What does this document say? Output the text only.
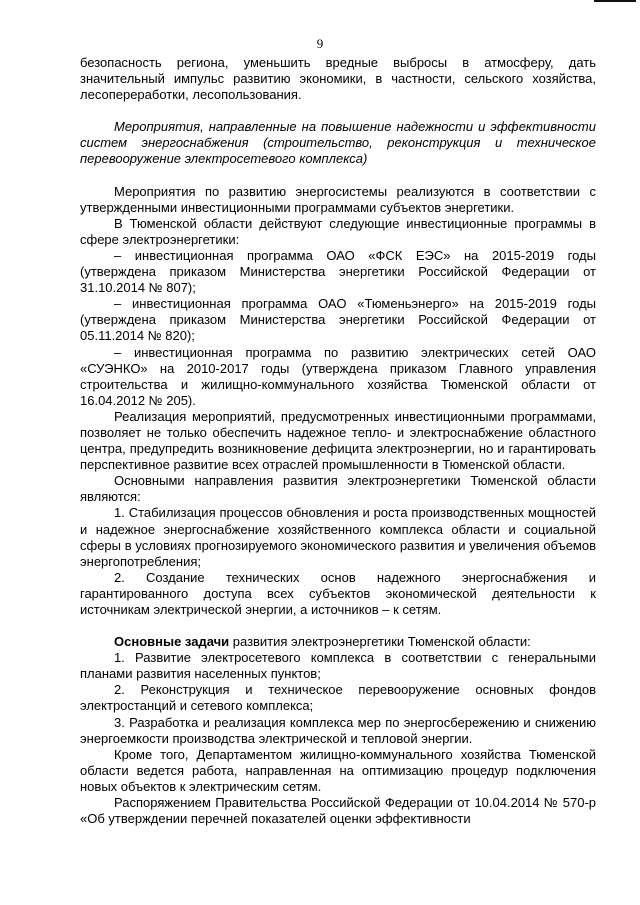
9

безопасность региона, уменьшить вредные выбросы в атмосферу, дать значительный импульс развитию экономики, в частности, сельского хозяйства, лесопереработки, лесопользования.

Мероприятия, направленные на повышение надежности и эффективности систем энергоснабжения (строительство, реконструкция и техническое перевооружение электросетевого комплекса)

Мероприятия по развитию энергосистемы реализуются в соответствии с утвержденными инвестиционными программами субъектов энергетики.

В Тюменской области действуют следующие инвестиционные программы в сфере электроэнергетики:

– инвестиционная программа ОАО «ФСК ЕЭС» на 2015-2019 годы (утверждена приказом Министерства энергетики Российской Федерации от 31.10.2014 № 807);

– инвестиционная программа ОАО «Тюменьэнерго» на 2015-2019 годы (утверждена приказом Министерства энергетики Российской Федерации от 05.11.2014 № 820);

– инвестиционная программа по развитию электрических сетей ОАО «СУЭНКО» на 2010-2017 годы (утверждена приказом Главного управления строительства и жилищно-коммунального хозяйства Тюменской области от 16.04.2012 № 205).

Реализация мероприятий, предусмотренных инвестиционными программами, позволяет не только обеспечить надежное тепло- и электроснабжение областного центра, предупредить возникновение дефицита электроэнергии, но и гарантировать перспективное развитие всех отраслей промышленности в Тюменской области.

Основными направления развития электроэнергетики Тюменской области являются:

1. Стабилизация процессов обновления и роста производственных мощностей и надежное энергоснабжение хозяйственного комплекса области и социальной сферы в условиях прогнозируемого экономического развития и увеличения объемов энергопотребления;

2. Создание технических основ надежного энергоснабжения и гарантированного доступа всех субъектов экономической деятельности к источникам электрической энергии, а источников – к сетям.

Основные задачи развития электроэнергетики Тюменской области:

1. Развитие электросетевого комплекса в соответствии с генеральными планами развития населенных пунктов;

2. Реконструкция и техническое перевооружение основных фондов электростанций и сетевого комплекса;

3. Разработка и реализация комплекса мер по энергосбережению и снижению энергоемкости производства электрической и тепловой энергии.

Кроме того, Департаментом жилищно-коммунального хозяйства Тюменской области ведется работа, направленная на оптимизацию процедур подключения новых объектов к электрическим сетям.

Распоряжением Правительства Российской Федерации от 10.04.2014 № 570-р «Об утверждении перечней показателей оценки эффективности
